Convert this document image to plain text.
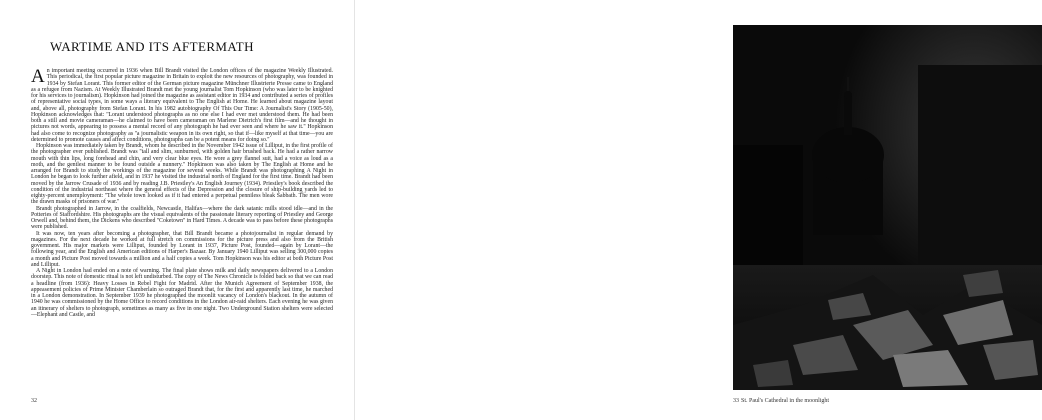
WARTIME AND ITS AFTERMATH

An important meeting occurred in 1936 when Bill Brandt visited the London offices of the magazine Weekly Illustrated. This periodical, the first popular picture magazine in Britain to exploit the new resources of photography, was founded in 1934 by Stefan Lorant. This former editor of the German picture magazine Münchner Illustrierte Presse came to England as a refugee from Nazism. At Weekly Illustrated Brandt met the young journalist Tom Hopkinson (who was later to be knighted for his services to journalism). Hopkinson had joined the magazine as assistant editor in 1934 and contributed a series of profiles of representative social types, in some ways a literary equivalent to The English at Home. He learned about magazine layout and, above all, photography from Stefan Lorant. In his 1982 autobiography Of This Our Time: A Journalist's Story (1905-50), Hopkinson acknowledges that: ''Lorant understood photographs as no one else I had ever met understood them. He had been both a still and movie cameraman—he claimed to have been cameraman on Marlene Dietrich's first film—and he thought in pictures not words, appearing to possess a mental record of any photograph he had ever seen and where he saw it.'' Hopkinson had also come to recognize photography as ''a journalistic weapon in its own right, so that if—like myself at that time—you are determined to promote causes and affect conditions, photographs can be a potent means for doing so.''

Hopkinson was immediately taken by Brandt, whom he described in the November 1942 issue of Lilliput, in the first profile of the photographer ever published. Brandt was ''tall and slim, sunburned, with golden hair brushed back. He had a rather narrow mouth with thin lips, long forehead and chin, and very clear blue eyes. He wore a grey flannel suit, had a voice as loud as a moth, and the gentlest manner to be found outside a nunnery.'' Hopkinson was also taken by The English at Home and he arranged for Brandt to study the workings of the magazine for several weeks. While Brandt was photographing A Night in London he began to look further afield, and in 1937 he visited the industrial north of England for the first time. Brandt had been moved by the Jarrow Crusade of 1936 and by reading J.B. Priestley's An English Journey (1934). Priestley's book described the condition of the industrial northeast where the general effects of the Depression and the closure of ship-building yards led to eighty-percent unemployment: ''The whole town looked as if it had entered a perpetual penniless bleak Sabbath. The men wore the drawn masks of prisoners of war.''

Brandt photographed in Jarrow, in the coalfields, Newcastle, Halifax—where the dark satanic mills stood idle—and in the Potteries of Staffordshire. His photographs are the visual equivalents of the passionate literary reporting of Priestley and George Orwell and, behind them, the Dickens who described ''Coketown'' in Hard Times. A decade was to pass before these photographs were published.

It was now, ten years after becoming a photographer, that Bill Brandt became a photojournalist in regular demand by magazines. For the next decade he worked at full stretch on commissions for the picture press and also from the British government. His major markets were Lilliput, founded by Lorant in 1937, Picture Post, founded—again by Lorant—the following year, and the English and American editions of Harper's Bazaar. By January 1940 Lilliput was selling 300,000 copies a month and Picture Post moved towards a million and a half copies a week. Tom Hopkinson was his editor at both Picture Post and Lilliput.

A Night in London had ended on a note of warning. The final plate shows milk and daily newspapers delivered to a London doorstep. This note of domestic ritual is not left undisturbed. The copy of The News Chronicle is folded back so that we can read a headline (from 1936): Heavy Losses in Rebel Fight for Madrid. After the Munich Agreement of September 1938, the appeasement policies of Prime Minister Chamberlain so outraged Brandt that, for the first and apparently last time, he marched in a London demonstration. In September 1939 he photographed the moonlit vacancy of London's blackout. In the autumn of 1940 he was commissioned by the Home Office to record conditions in the London air-raid shelters. Each evening he was given an itinerary of shelters to photograph, sometimes as many as five in one night. Two Underground Station shelters were selected—Elephant and Castle, and

32	33 St. Paul's Cathedral in the moonlight
